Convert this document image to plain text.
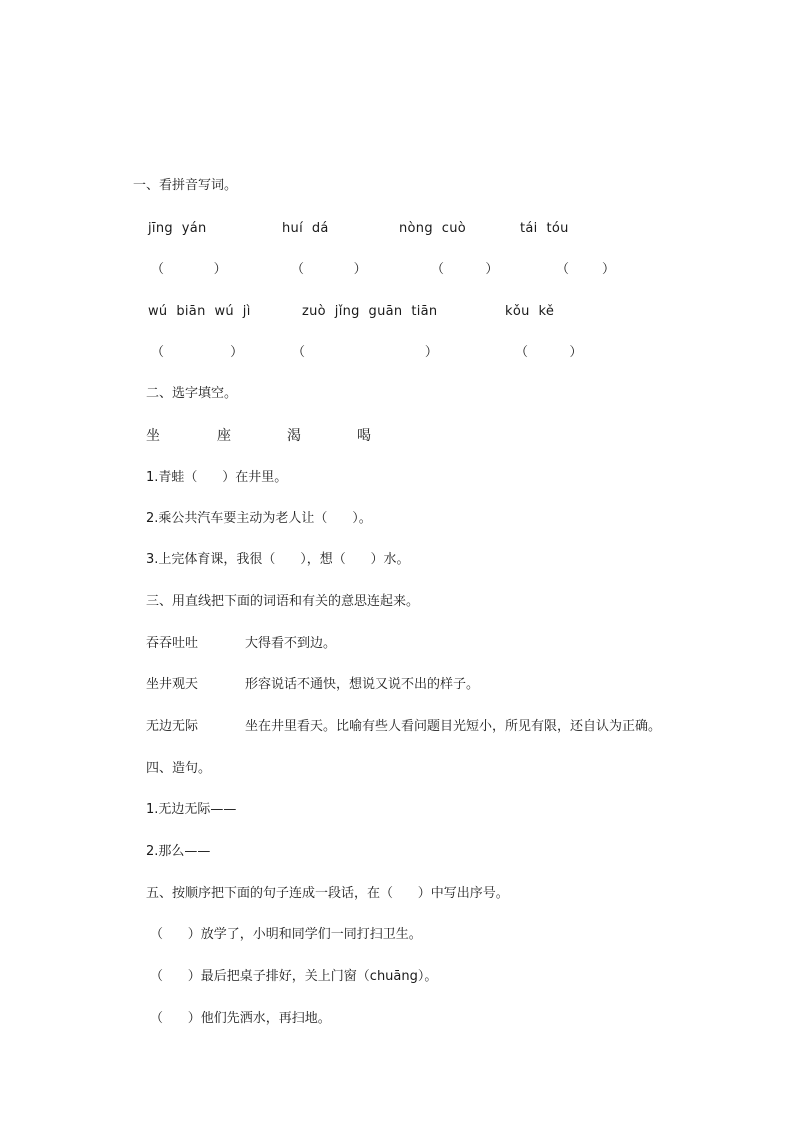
一、看拼音写词。
jīng  yán	huí  dá	nòng  cuò	tái  tóu
（            ）	（            ）	（          ）	（        ）
wú  biān  wú  jì	zuò  jǐng  guān  tiān	kǒu  kě
（                ）	（                             ）	（          ）
二、选字填空。
坐	座	渴	喝
1.青蛙（      ）在井里。
2.乘公共汽车要主动为老人让（      ）。
3.上完体育课，我很（      ），想（      ）水。
三、用直线把下面的词语和有关的意思连起来。
吞吞吐吐	大得看不到边。
坐井观天	形容说话不通快，想说又说不出的样子。
无边无际	坐在井里看天。比喻有些人看问题目光短小，所见有限，还自认为正确。
四、造句。
1.无边无际——
2.那么——
五、按顺序把下面的句子连成一段话，在（      ）中写出序号。
（      ）放学了，小明和同学们一同打扫卫生。
（      ）最后把桌子排好，关上门窗（chuāng）。
（      ）他们先洒水，再扫地。
